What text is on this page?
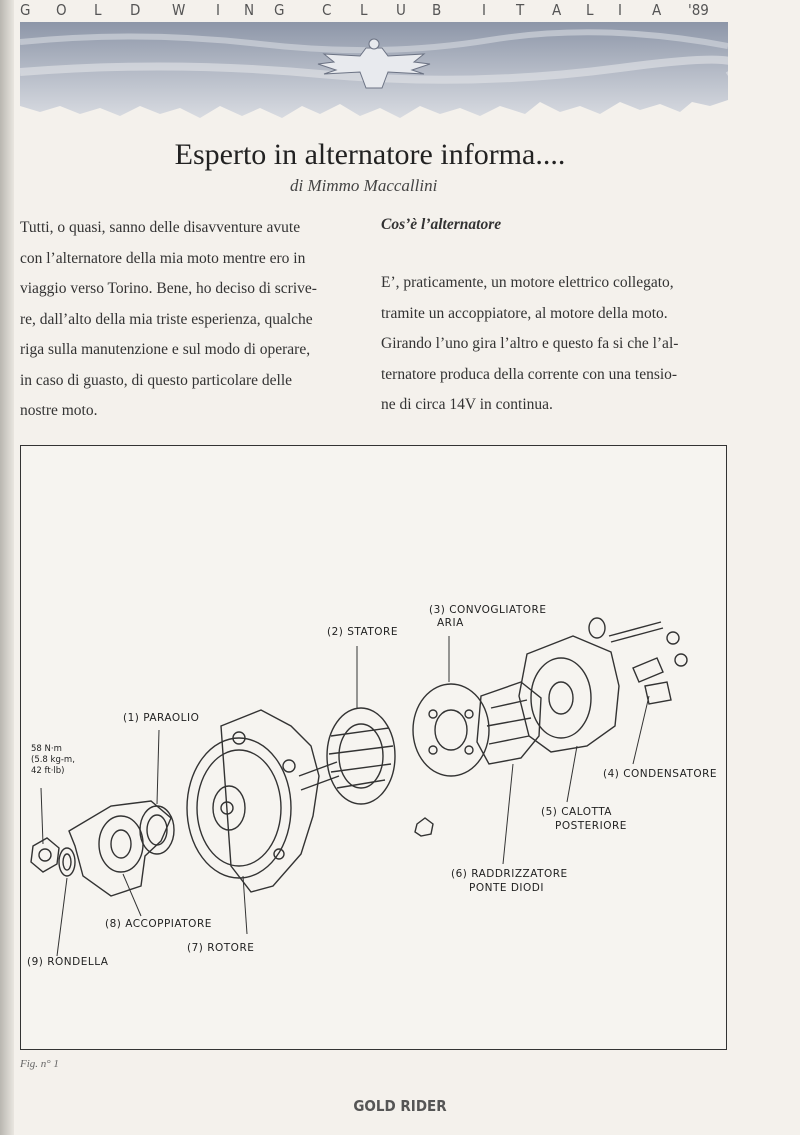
G O L D W I N G	C L U B	I T A L I A '89
Esperto in alternatore informa....
di Mimmo Maccallini
Tutti, o quasi, sanno delle disavventure avute
con l’alternatore della mia moto mentre ero in
viaggio verso Torino. Bene, ho deciso di scrive-
re, dall’alto della mia triste esperienza, qualche
riga sulla manutenzione e sul modo di operare,
in caso di guasto, di questo particolare delle
nostre moto.
Cos’è l’alternatore
E’, praticamente, un motore elettrico collegato,
tramite un accoppiatore, al motore della moto.
Girando l’uno gira l’altro e questo fa si che l’al-
ternatore produca della corrente con una tensio-
ne di circa 14V in continua.
(2) STATORE
(3) CONVOGLIATORE
ARIA
(1) PARAOLIO
58 N·m
(5.8 kg-m,
42 ft·lb)	(4) CONDENSATORE
(5) CALOTTA
POSTERIORE
(6) RADDRIZZATORE
PONTE DIODI
(8) ACCOPPIATORE
(7) ROTORE
(9) RONDELLA
Fig. n° 1
GOLD RIDER
